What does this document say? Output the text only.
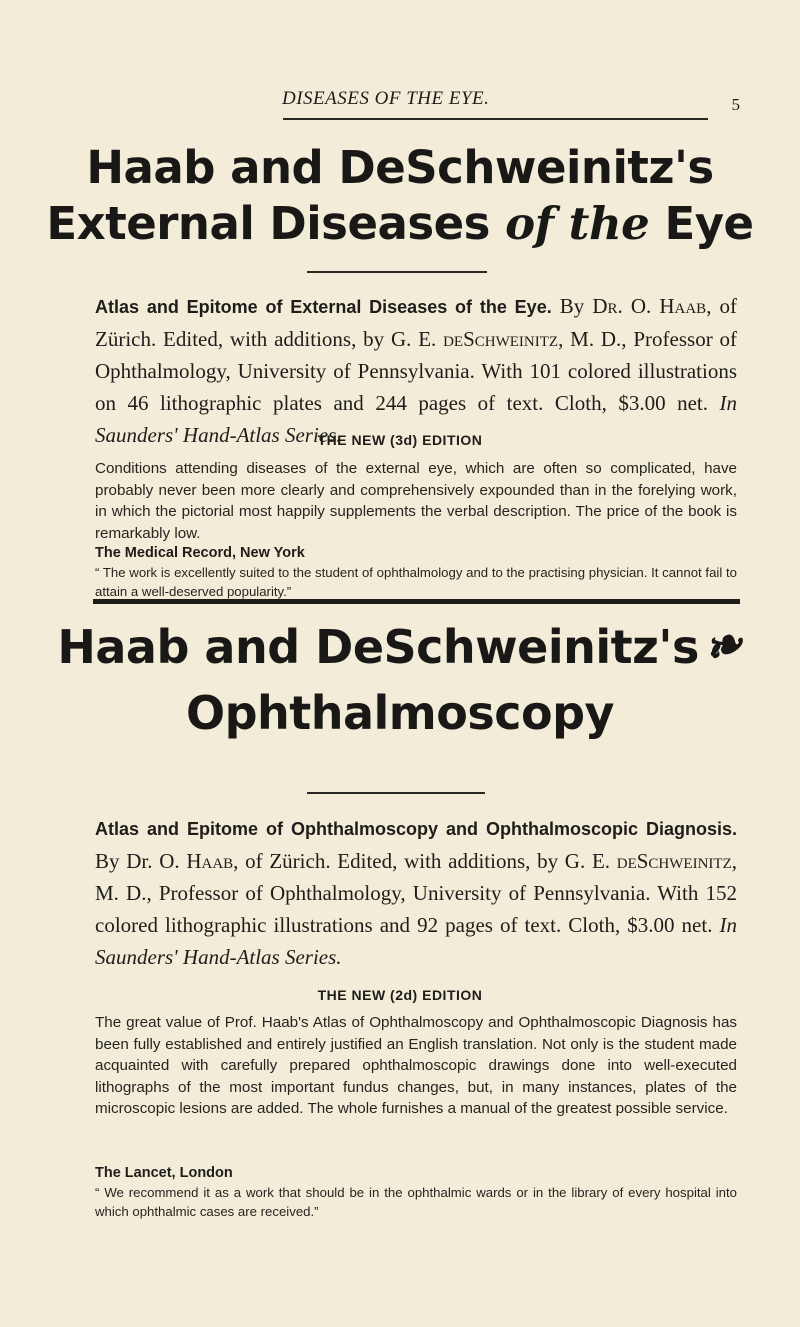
DISEASES OF THE EYE.	5
Haab and DeSchweinitz's
External Diseases of the Eye

Atlas and Epitome of External Diseases of the Eye. By Dr. O. Haab, of Zürich. Edited, with additions, by G. E. deSchweinitz, M. D., Professor of Ophthalmology, University of Pennsylvania. With 101 colored illustrations on 46 lithographic plates and 244 pages of text. Cloth, $3.00 net. In Saunders' Hand-Atlas Series.

THE NEW (3d) EDITION

Conditions attending diseases of the external eye, which are often so complicated, have probably never been more clearly and comprehensively expounded than in the forelying work, in which the pictorial most happily supplements the verbal description. The price of the book is remarkably low.

The Medical Record, New York

“ The work is excellently suited to the student of ophthalmology and to the practising physician. It cannot fail to attain a well-deserved popularity.”

Haab and DeSchweinitz's❧
Ophthalmoscopy

Atlas and Epitome of Ophthalmoscopy and Ophthalmoscopic Diagnosis. By Dr. O. Haab, of Zürich. Edited, with additions, by G. E. deSchweinitz, M. D., Professor of Ophthalmology, University of Pennsylvania. With 152 colored lithographic illustrations and 92 pages of text. Cloth, $3.00 net. In Saunders' Hand-Atlas Series.

THE NEW (2d) EDITION

The great value of Prof. Haab's Atlas of Ophthalmoscopy and Ophthalmoscopic Diagnosis has been fully established and entirely justified an English translation. Not only is the student made acquainted with carefully prepared ophthalmoscopic drawings done into well-executed lithographs of the most important fundus changes, but, in many instances, plates of the microscopic lesions are added. The whole furnishes a manual of the greatest possible service.

The Lancet, London

“ We recommend it as a work that should be in the ophthalmic wards or in the library of every hospital into which ophthalmic cases are received.”
